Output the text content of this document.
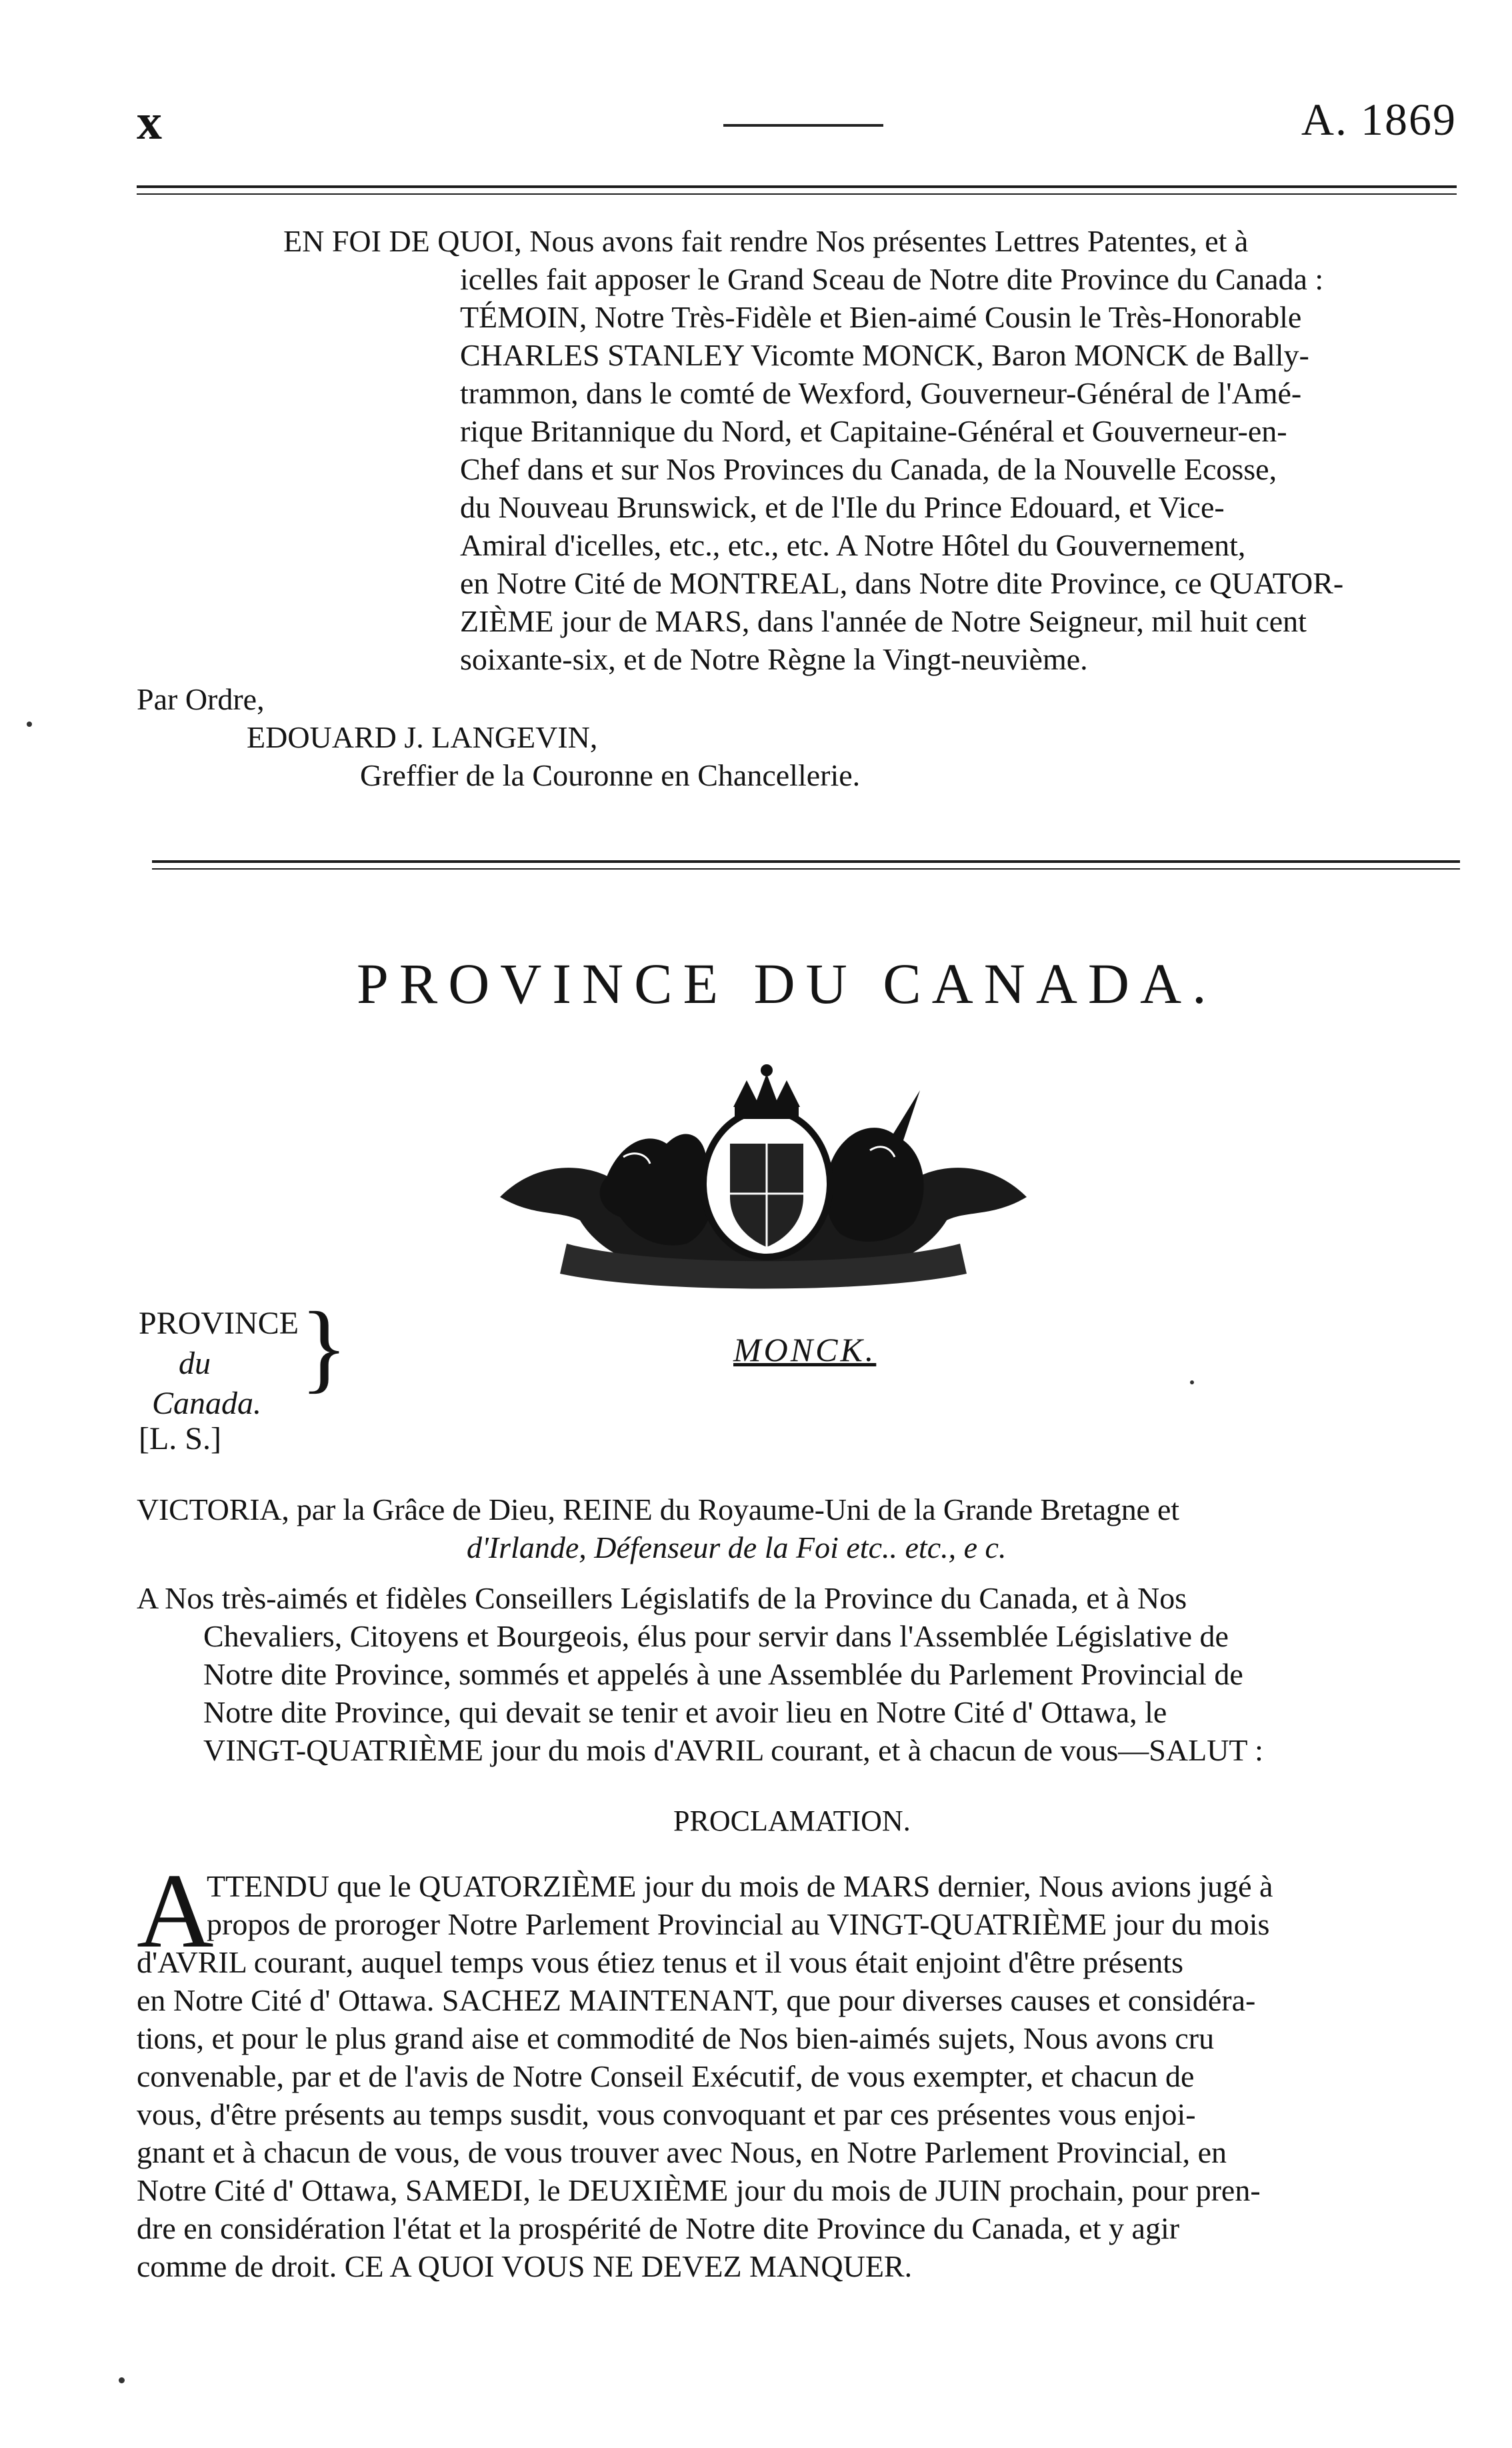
x	A. 1869

EN FOI DE QUOI, Nous avons fait rendre Nos présentes Lettres Patentes, et à

icelles fait apposer le Grand Sceau de Notre dite Province du Canada :

TÉMOIN, Notre Très-Fidèle et Bien-aimé Cousin le Très-Honorable

CHARLES STANLEY Vicomte MONCK, Baron MONCK de Bally-

trammon, dans le comté de Wexford, Gouverneur-Général de l'Amé-

rique Britannique du Nord, et Capitaine-Général et Gouverneur-en-

Chef dans et sur Nos Provinces du Canada, de la Nouvelle Ecosse,

du Nouveau Brunswick, et de l'Ile du Prince Edouard, et Vice-

Amiral d'icelles, etc., etc., etc. A Notre Hôtel du Gouvernement,

en Notre Cité de MONTREAL, dans Notre dite Province, ce QUATOR-

ZIÈME jour de MARS, dans l'année de Notre Seigneur, mil huit cent

soixante-six, et de Notre Règne la Vingt-neuvième.

Par Ordre,

EDOUARD J. LANGEVIN,

Greffier de la Couronne en Chancellerie.

PROVINCE DU CANADA.
PROVINCE
du
Canada.
}	MONCK.
[L. S.]

VICTORIA, par la Grâce de Dieu, REINE du Royaume-Uni de la Grande Bretagne et

d'Irlande, Défenseur de la Foi etc.. etc., e c.

A Nos très-aimés et fidèles Conseillers Législatifs de la Province du Canada, et à Nos

Chevaliers, Citoyens et Bourgeois, élus pour servir dans l'Assemblée Législative de

Notre dite Province, sommés et appelés à une Assemblée du Parlement Provincial de

Notre dite Province, qui devait se tenir et avoir lieu en Notre Cité d' Ottawa, le

VINGT-QUATRIÈME jour du mois d'AVRIL courant, et à chacun de vous—SALUT :

PROCLAMATION.
A

TTENDU que le QUATORZIÈME jour du mois de MARS dernier, Nous avions jugé à

propos de proroger Notre Parlement Provincial au VINGT-QUATRIÈME jour du mois

d'AVRIL courant, auquel temps vous étiez tenus et il vous était enjoint d'être présents

en Notre Cité d' Ottawa. SACHEZ MAINTENANT, que pour diverses causes et considéra-

tions, et pour le plus grand aise et commodité de Nos bien-aimés sujets, Nous avons cru

convenable, par et de l'avis de Notre Conseil Exécutif, de vous exempter, et chacun de

vous, d'être présents au temps susdit, vous convoquant et par ces présentes vous enjoi-

gnant et à chacun de vous, de vous trouver avec Nous, en Notre Parlement Provincial, en

Notre Cité d' Ottawa, SAMEDI, le DEUXIÈME jour du mois de JUIN prochain, pour pren-

dre en considération l'état et la prospérité de Notre dite Province du Canada, et y agir

comme de droit. CE A QUOI VOUS NE DEVEZ MANQUER.
